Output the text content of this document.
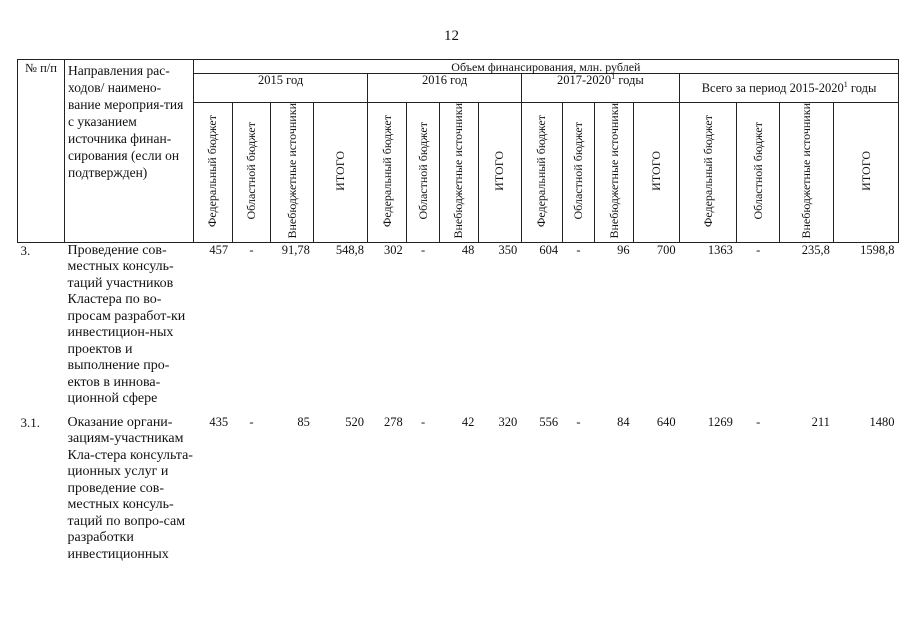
12
№ п/п	Направления рас-ходов/ наимено-вание мероприя-тия с указанием источника финан-сирования (если он подтвержден)	Объем финансирования, млн. рублей															
		2015 год				2016 год				2017-2020$^1$ годы				Всего за период 2015-2020$^1$ годы			

		Федеральный бюджет	Областной бюджет	Внебюджетные источники	ИТОГО	Федеральный бюджет	Областной бюджет	Внебюджетные источники	ИТОГО	Федеральный бюджет	Областной бюджет	Внебюджетные источники	ИТОГО	Федеральный бюджет	Областной бюджет	Внебюджетные источники	ИТОГО
3.	Проведение сов-местных консуль-таций участников Кластера по во-просам разработ-ки инвестицион-ных проектов и выполнение про-ектов в иннова-ционной сфере	457	-	91,78	548,8	302	-	48	350	604	-	96	700	1363	-	235,8	1598,8
3.1.	Оказание органи-зациям-участникам Кла-стера консульта-ционных услуг и проведение сов-местных консуль-таций по вопро-сам разработки инвестиционных	435	-	85	520	278	-	42	320	556	-	84	640	1269	-	211	1480
